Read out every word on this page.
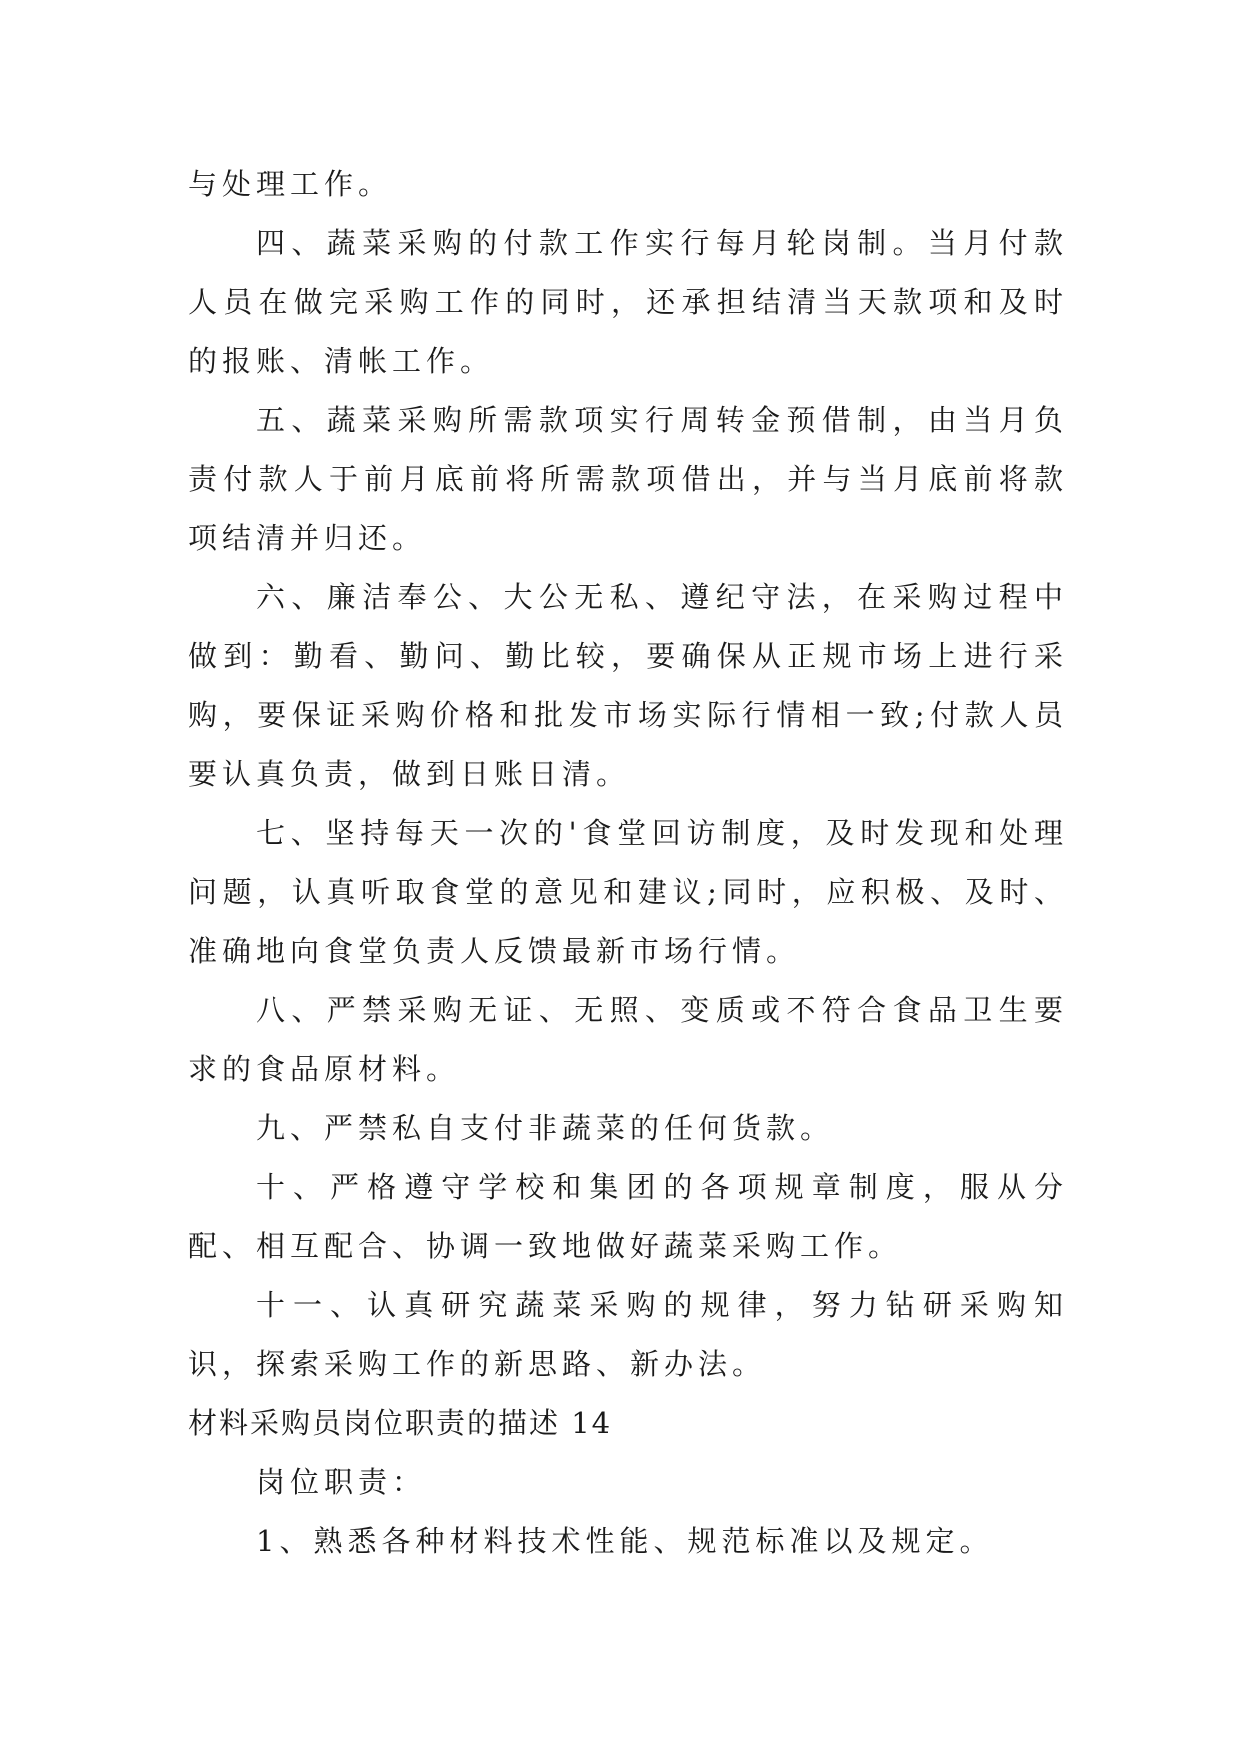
与处理工作。

四、蔬菜采购的付款工作实行每月轮岗制。当月付款人员在做完采购工作的同时，还承担结清当天款项和及时的报账、清帐工作。

五、蔬菜采购所需款项实行周转金预借制，由当月负责付款人于前月底前将所需款项借出，并与当月底前将款项结清并归还。

六、廉洁奉公、大公无私、遵纪守法，在采购过程中做到：勤看、勤问、勤比较，要确保从正规市场上进行采购，要保证采购价格和批发市场实际行情相一致;付款人员要认真负责，做到日账日清。

七、坚持每天一次的'食堂回访制度，及时发现和处理问题，认真听取食堂的意见和建议;同时，应积极、及时、准确地向食堂负责人反馈最新市场行情。

八、严禁采购无证、无照、变质或不符合食品卫生要求的食品原材料。

九、严禁私自支付非蔬菜的任何货款。

十、严格遵守学校和集团的各项规章制度，服从分配、相互配合、协调一致地做好蔬菜采购工作。

十一、认真研究蔬菜采购的规律，努力钻研采购知识，探索采购工作的新思路、新办法。

材料采购员岗位职责的描述 14

岗位职责：

1、熟悉各种材料技术性能、规范标准以及规定。
